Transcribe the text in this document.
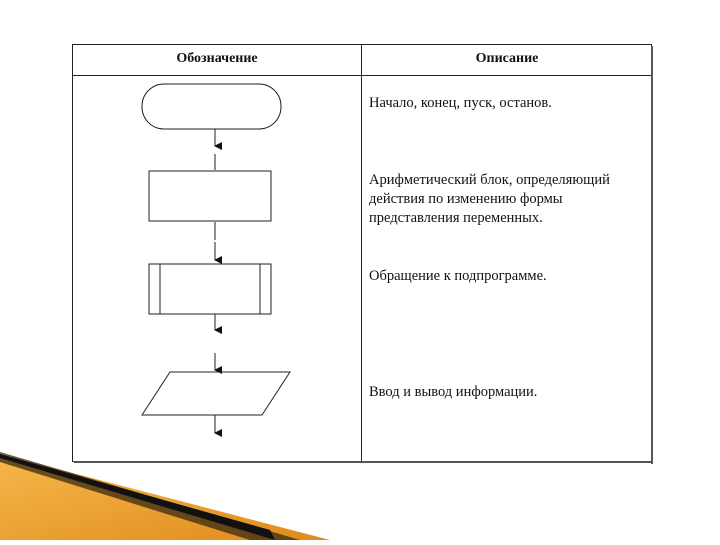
Обозначение	Описание
Начало, конец, пуск, останов.
Арифметический блок, определяющий действия по изменению формы представления переменных.
Обращение к подпрограмме.
Ввод и вывод информации.
